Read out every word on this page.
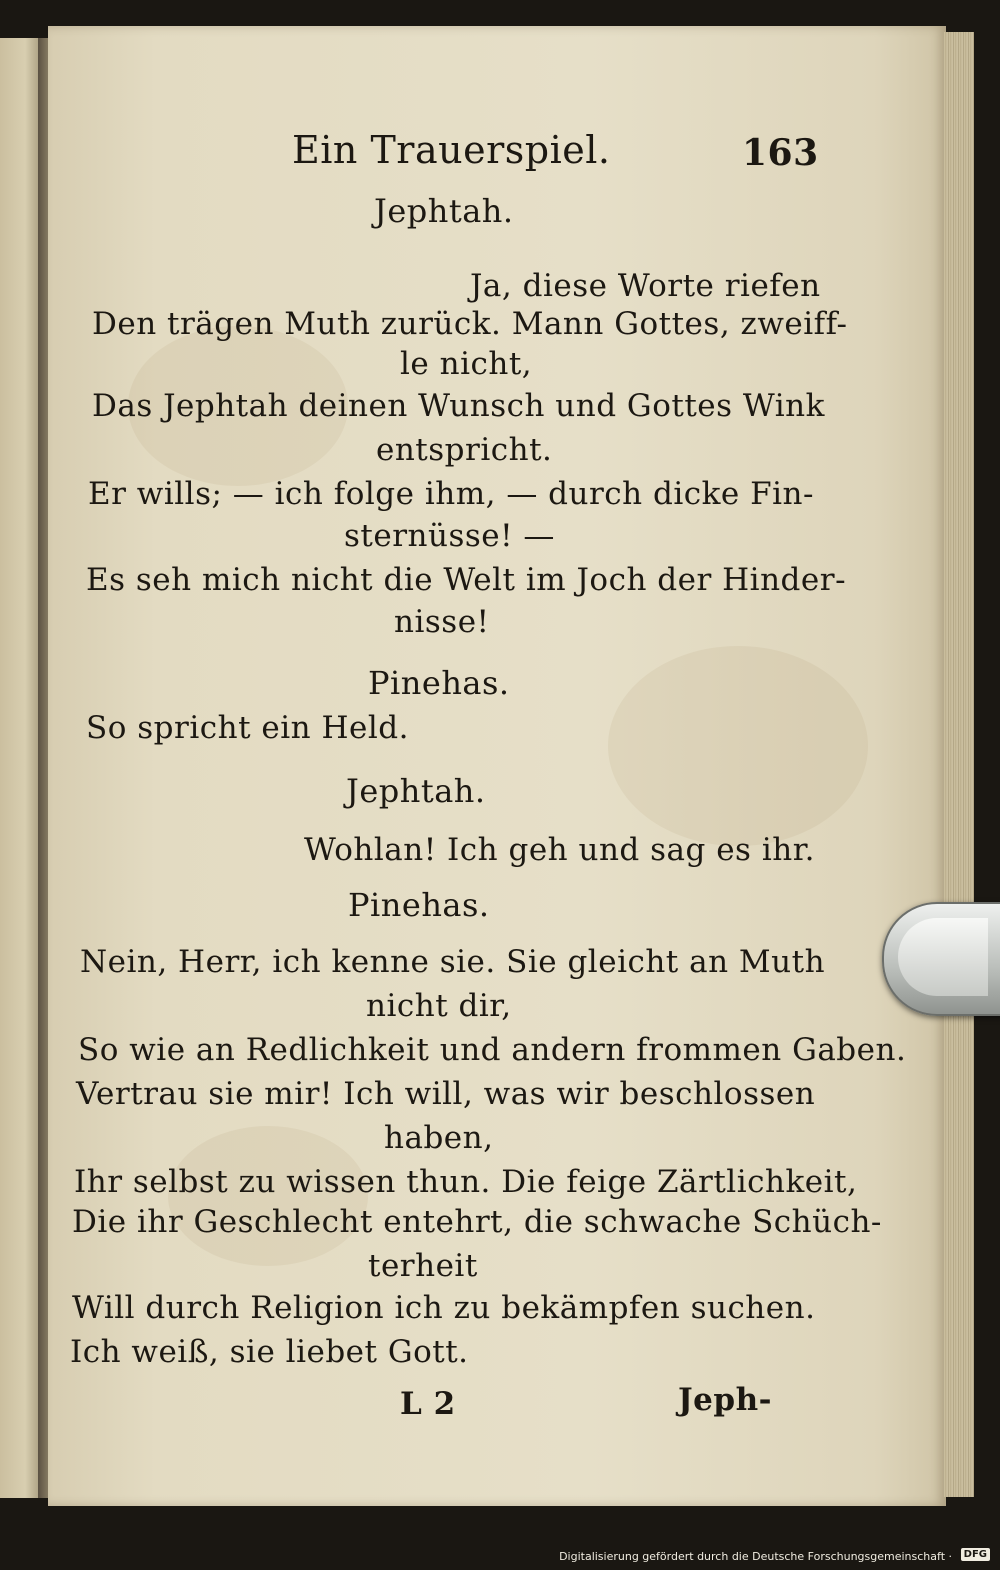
Ein Trauerspiel.	163
Jephtah.
Ja, diese Worte riefen
Den trägen Muth zurück. Mann Gottes, zweiff-
le nicht,
Das Jephtah deinen Wunsch und Gottes Wink
entspricht.
Er wills; — ich folge ihm, — durch dicke Fin-
sternüsse! —
Es seh mich nicht die Welt im Joch der Hinder-
nisse!
Pinehas.
So spricht ein Held.
Jephtah.
Wohlan! Ich geh und sag es ihr.
Pinehas.
Nein, Herr, ich kenne sie. Sie gleicht an Muth
nicht dir,
So wie an Redlichkeit und andern frommen Gaben.
Vertrau sie mir! Ich will, was wir beschlossen
haben,
Ihr selbst zu wissen thun. Die feige Zärtlichkeit,
Die ihr Geschlecht entehrt, die schwache Schüch-
terheit
Will durch Religion ich zu bekämpfen suchen.
Ich weiß, sie liebet Gott.
L 2	Jeph-
Digitalisierung gefördert durch die Deutsche Forschungsgemeinschaft ·	DFG
